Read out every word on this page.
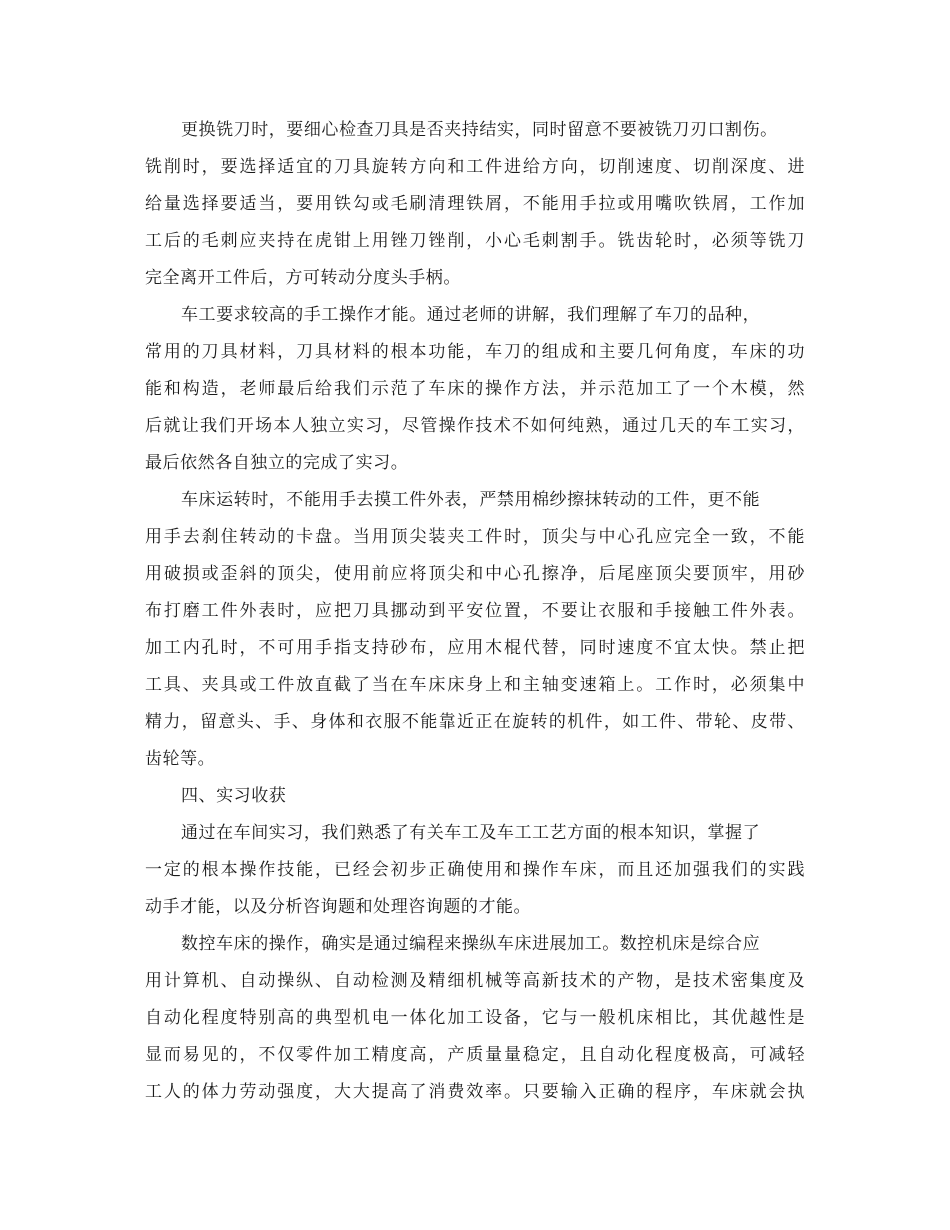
更换铣刀时，要细心检查刀具是否夹持结实，同时留意不要被铣刀刃口割伤。

铣削时，要选择适宜的刀具旋转方向和工件进给方向，切削速度、切削深度、进

给量选择要适当，要用铁勾或毛刷清理铁屑，不能用手拉或用嘴吹铁屑，工作加

工后的毛刺应夹持在虎钳上用锉刀锉削，小心毛刺割手。铣齿轮时，必须等铣刀

完全离开工件后，方可转动分度头手柄。

车工要求较高的手工操作才能。通过老师的讲解，我们理解了车刀的品种，

常用的刀具材料，刀具材料的根本功能，车刀的组成和主要几何角度，车床的功

能和构造，老师最后给我们示范了车床的操作方法，并示范加工了一个木模，然

后就让我们开场本人独立实习，尽管操作技术不如何纯熟，通过几天的车工实习，

最后依然各自独立的完成了实习。

车床运转时，不能用手去摸工件外表，严禁用棉纱擦抹转动的工件，更不能

用手去刹住转动的卡盘。当用顶尖装夹工件时，顶尖与中心孔应完全一致，不能

用破损或歪斜的顶尖，使用前应将顶尖和中心孔擦净，后尾座顶尖要顶牢，用砂

布打磨工件外表时，应把刀具挪动到平安位置，不要让衣服和手接触工件外表。

加工内孔时，不可用手指支持砂布，应用木棍代替，同时速度不宜太快。禁止把

工具、夹具或工件放直截了当在车床床身上和主轴变速箱上。工作时，必须集中

精力，留意头、手、身体和衣服不能靠近正在旋转的机件，如工件、带轮、皮带、

齿轮等。

四、实习收获

通过在车间实习，我们熟悉了有关车工及车工工艺方面的根本知识，掌握了

一定的根本操作技能，已经会初步正确使用和操作车床，而且还加强我们的实践

动手才能，以及分析咨询题和处理咨询题的才能。

数控车床的操作，确实是通过编程来操纵车床进展加工。数控机床是综合应

用计算机、自动操纵、自动检测及精细机械等高新技术的产物，是技术密集度及

自动化程度特别高的典型机电一体化加工设备，它与一般机床相比，其优越性是

显而易见的，不仅零件加工精度高，产质量量稳定，且自动化程度极高，可减轻

工人的体力劳动强度，大大提高了消费效率。只要输入正确的程序，车床就会执
